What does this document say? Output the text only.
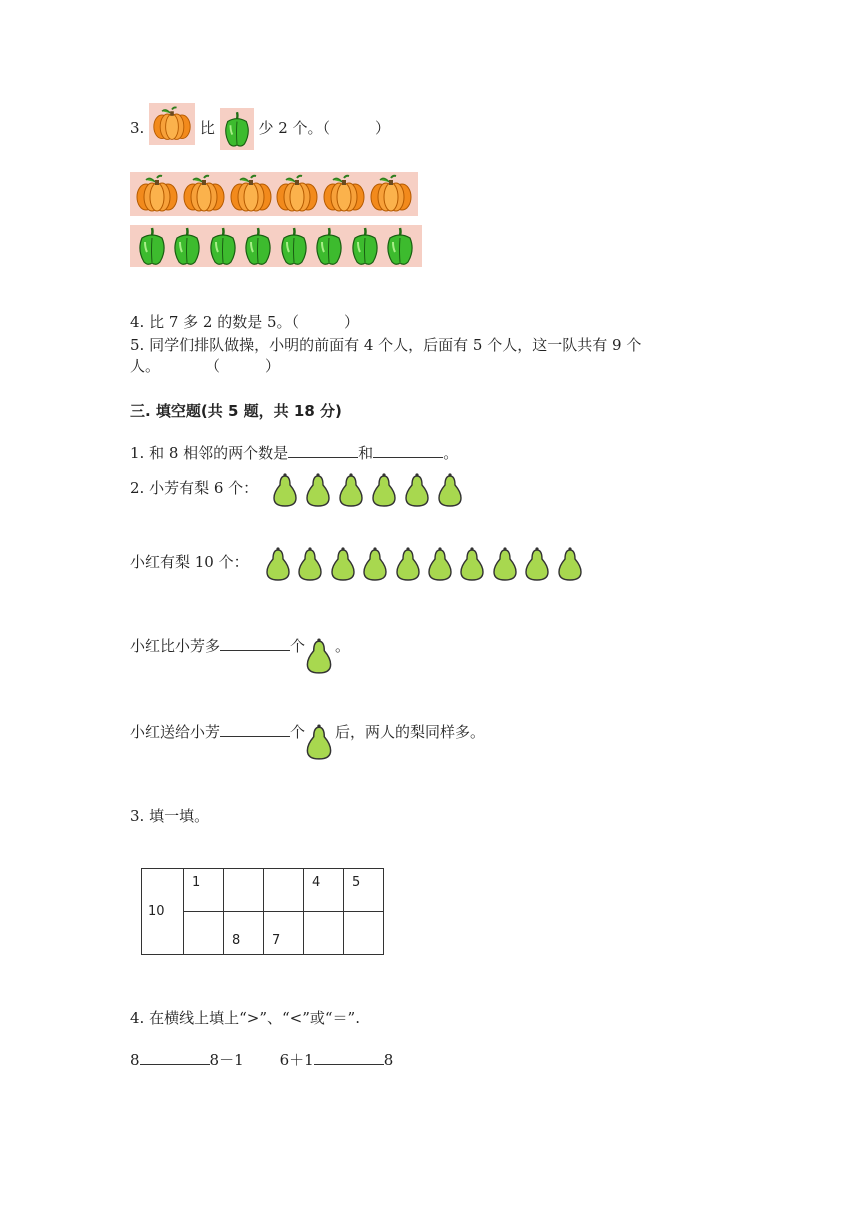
3.	比	少 2 个。（　　　）
4. 比 7 多 2 的数是 5。（　　　）
5. 同学们排队做操，小明的前面有 4 个人，后面有 5 个人，这一队共有 9 个
人。　　　　（　　　）
三. 填空题(共 5 题，共 18 分)
1. 和 8 相邻的两个数是	和	。
2. 小芳有梨 6 个：
小红有梨 10 个：
小红比小芳多	个 。
小红送给小芳	个 后，两人的梨同样多。
3. 填一填。
10	1			4	5
		8	7		
4. 在横线上填上“>”、“<”或“＝”.
8	8－1 6＋1	8
